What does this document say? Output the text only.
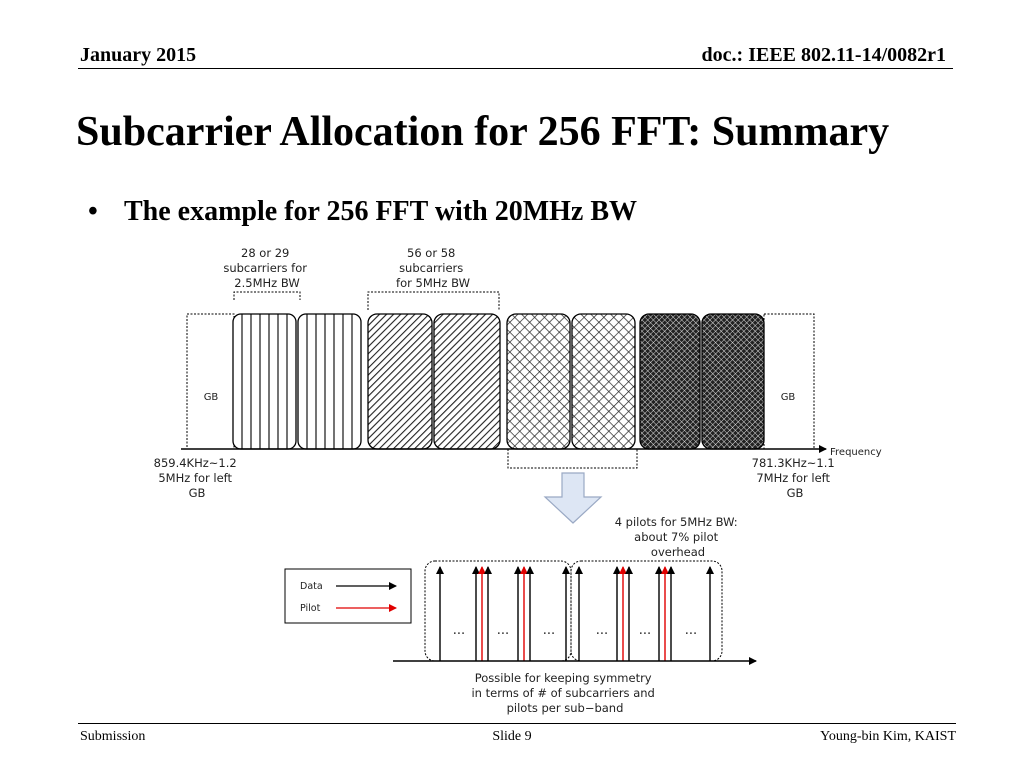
January 2015	doc.: IEEE 802.11-14/0082r1
Subcarrier Allocation for 256 FFT: Summary
• The example for 256 FFT with 20MHz BW
28 or 29 subcarriers for 2.5MHz BW
56 or 58 subcarriers for 5MHz BW
GB	GB
Frequency
859.4KHz~1.2 5MHz for left GB
781.3KHz~1.1 7MHz for left GB
4 pilots for 5MHz BW: about 7% pilot overhead
Data
Pilot
... ...	...	... ...	...
Possible for keeping symmetry in terms of # of subcarriers and pilots per sub−band
Submission	Slide 9	Young-bin Kim, KAIST
